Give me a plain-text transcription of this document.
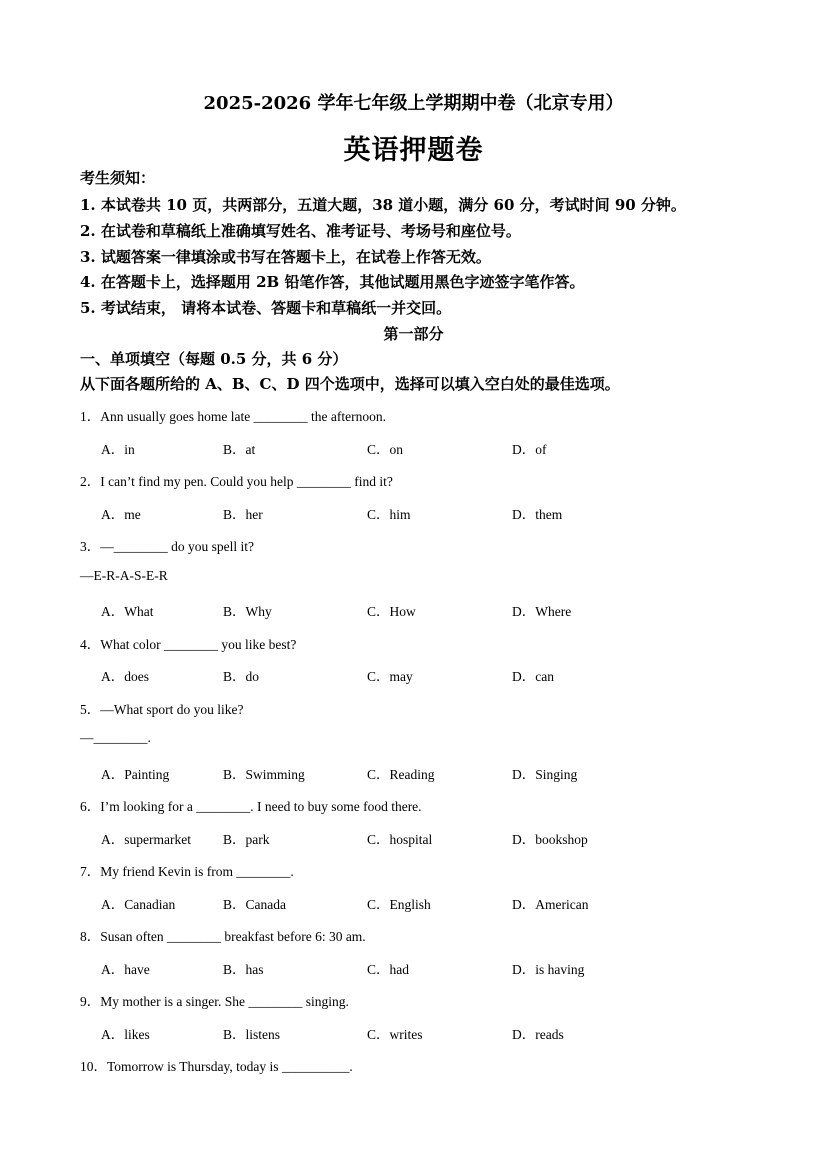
2025-2026 学年七年级上学期期中卷（北京专用）
英语押题卷
考生须知：
1. 本试卷共 10 页，共两部分，五道大题，38 道小题，满分 60 分，考试时间 90 分钟。
2. 在试卷和草稿纸上准确填写姓名、准考证号、考场号和座位号。
3. 试题答案一律填涂或书写在答题卡上，在试卷上作答无效。
4. 在答题卡上，选择题用 2B 铅笔作答，其他试题用黑色字迹签字笔作答。
5. 考试结束， 请将本试卷、答题卡和草稿纸一并交回。
第一部分
一、单项填空（每题 0.5 分，共 6 分）
从下面各题所给的 A、B、C、D 四个选项中，选择可以填入空白处的最佳选项。
1．Ann usually goes home late ________ the afternoon.
A．in	B．at	C．on	D．of
2．I can’t find my pen. Could you help ________ find it?
A．me	B．her	C．him	D．them
3．—________ do you spell it?
—E-R-A-S-E-R
A．What	B．Why	C．How	D．Where
4．What color ________ you like best?
A．does	B．do	C．may	D．can
5．—What sport do you like?
—________.
A．Painting	B．Swimming	C．Reading	D．Singing
6．I’m looking for a ________. I need to buy some food there.
A．supermarket B．park	C．hospital	D．bookshop
7．My friend Kevin is from ________.
A．Canadian	B．Canada	C．English	D．American
8．Susan often ________ breakfast before 6: 30 am.
A．have	B．has	C．had	D．is having
9．My mother is a singer. She ________ singing.
A．likes	B．listens	C．writes	D．reads
10．Tomorrow is Thursday, today is __________.
